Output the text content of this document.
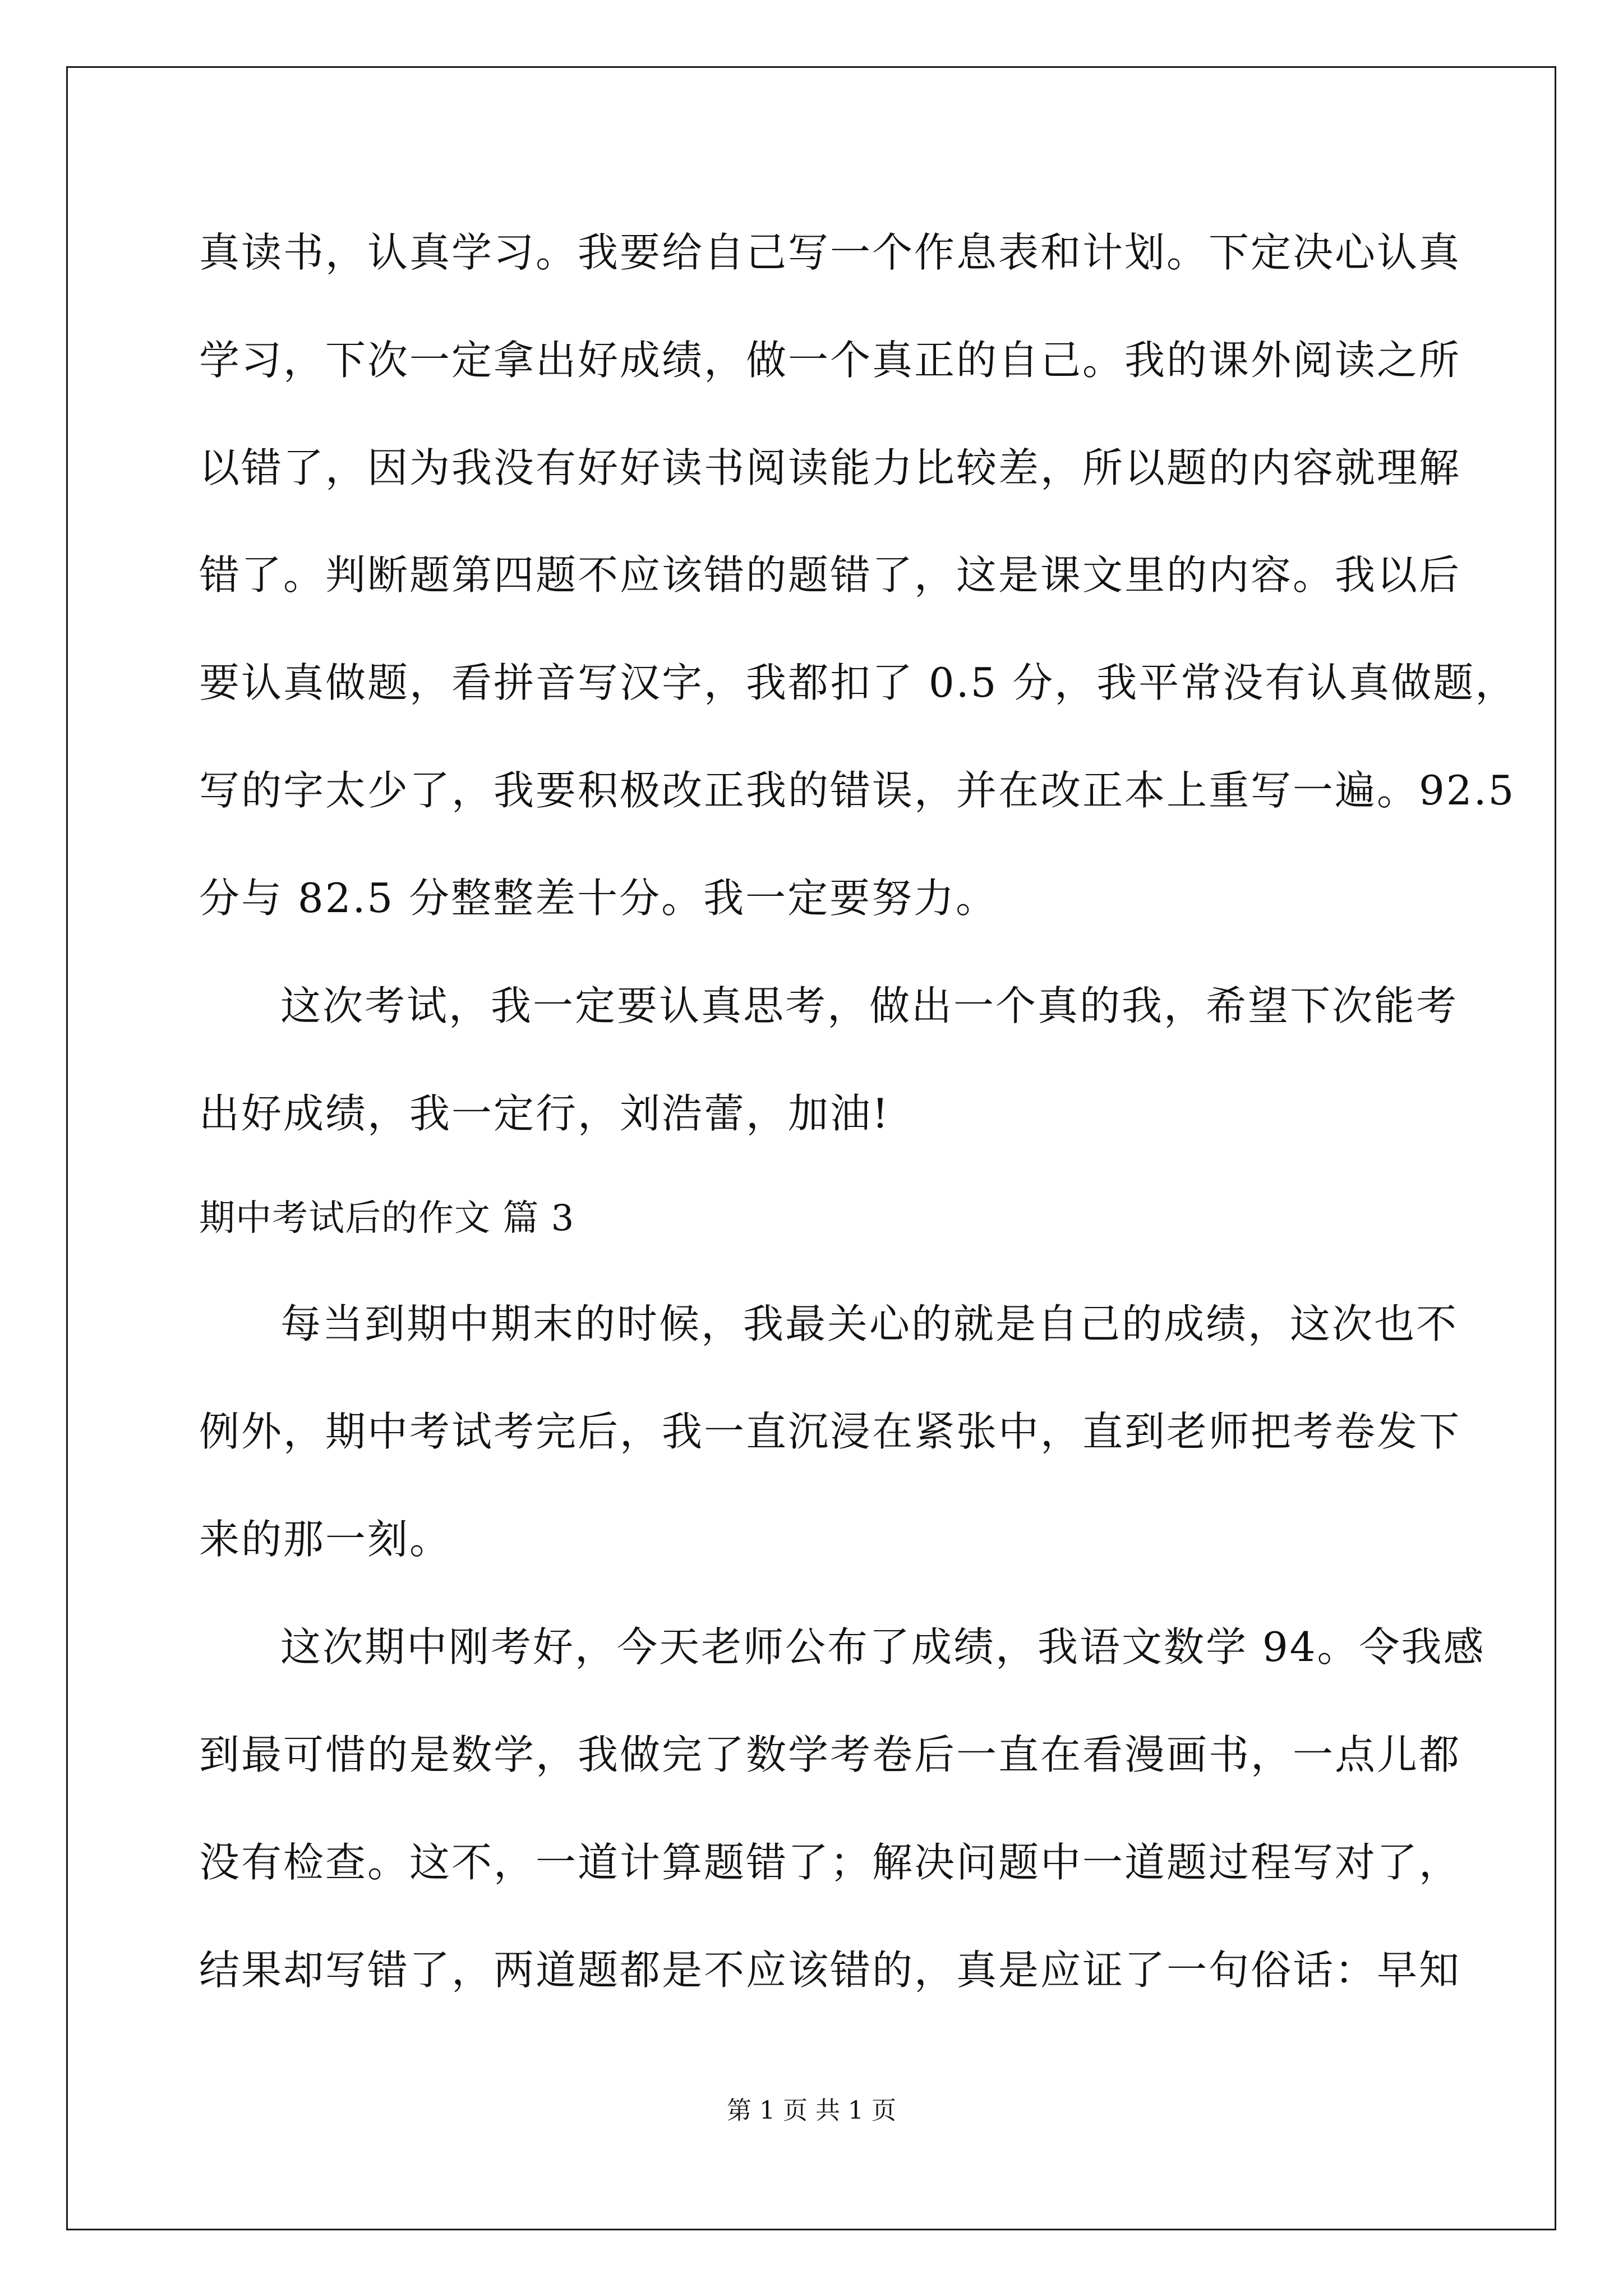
真读书，认真学习。我要给自己写一个作息表和计划。下定决心认真
学习，下次一定拿出好成绩，做一个真正的自己。我的课外阅读之所
以错了，因为我没有好好读书阅读能力比较差，所以题的内容就理解
错了。判断题第四题不应该错的题错了，这是课文里的内容。我以后
要认真做题，看拼音写汉字，我都扣了 0.5 分，我平常没有认真做题，
写的字太少了，我要积极改正我的错误，并在改正本上重写一遍。92.5
分与 82.5 分整整差十分。我一定要努力。
这次考试，我一定要认真思考，做出一个真的我，希望下次能考
出好成绩，我一定行，刘浩蕾，加油!
期中考试后的作文 篇 3
每当到期中期末的时候，我最关心的就是自己的成绩，这次也不
例外，期中考试考完后，我一直沉浸在紧张中，直到老师把考卷发下
来的那一刻。
这次期中刚考好，今天老师公布了成绩，我语文数学 94。令我感
到最可惜的是数学，我做完了数学考卷后一直在看漫画书，一点儿都
没有检查。这不，一道计算题错了；解决问题中一道题过程写对了，
结果却写错了，两道题都是不应该错的，真是应证了一句俗话：早知
第 1 页 共 1 页
